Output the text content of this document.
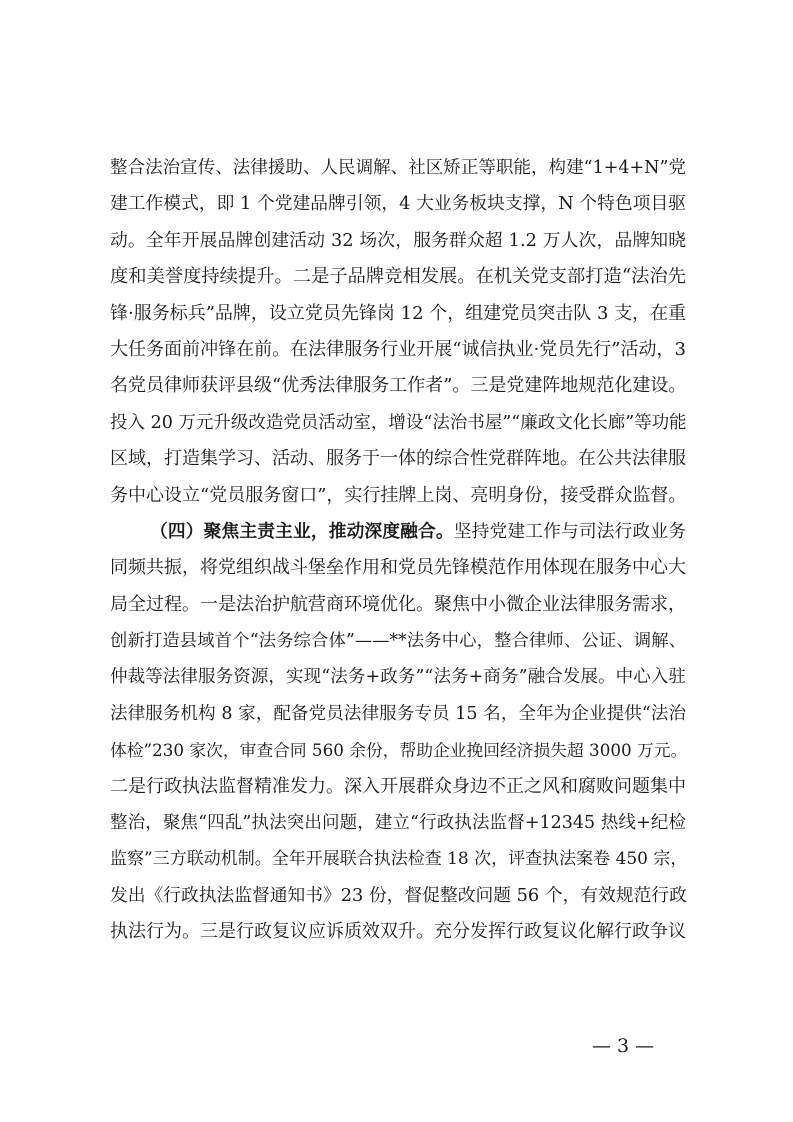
整合法治宣传、法律援助、人民调解、社区矫正等职能，构建“1+4+N”党
建工作模式，即 1 个党建品牌引领，4 大业务板块支撑，N 个特色项目驱
动。全年开展品牌创建活动 32 场次，服务群众超 1.2 万人次，品牌知晓
度和美誉度持续提升。二是子品牌竞相发展。在机关党支部打造“法治先
锋·服务标兵”品牌，设立党员先锋岗 12 个，组建党员突击队 3 支，在重
大任务面前冲锋在前。在法律服务行业开展“诚信执业·党员先行”活动，3
名党员律师获评县级“优秀法律服务工作者”。三是党建阵地规范化建设。
投入 20 万元升级改造党员活动室，增设“法治书屋”“廉政文化长廊”等功能
区域，打造集学习、活动、服务于一体的综合性党群阵地。在公共法律服
务中心设立“党员服务窗口”，实行挂牌上岗、亮明身份，接受群众监督。
（四）聚焦主责主业，推动深度融合。坚持党建工作与司法行政业务
同频共振，将党组织战斗堡垒作用和党员先锋模范作用体现在服务中心大
局全过程。一是法治护航营商环境优化。聚焦中小微企业法律服务需求，
创新打造县域首个“法务综合体”——**法务中心，整合律师、公证、调解、
仲裁等法律服务资源，实现“法务+政务”“法务+商务”融合发展。中心入驻
法律服务机构 8 家，配备党员法律服务专员 15 名，全年为企业提供“法治
体检”230 家次，审查合同 560 余份，帮助企业挽回经济损失超 3000 万元。
二是行政执法监督精准发力。深入开展群众身边不正之风和腐败问题集中
整治，聚焦“四乱”执法突出问题，建立“行政执法监督+12345 热线+纪检
监察”三方联动机制。全年开展联合执法检查 18 次，评查执法案卷 450 宗，
发出《行政执法监督通知书》23 份，督促整改问题 56 个，有效规范行政
执法行为。三是行政复议应诉质效双升。充分发挥行政复议化解行政争议
— 3 —
